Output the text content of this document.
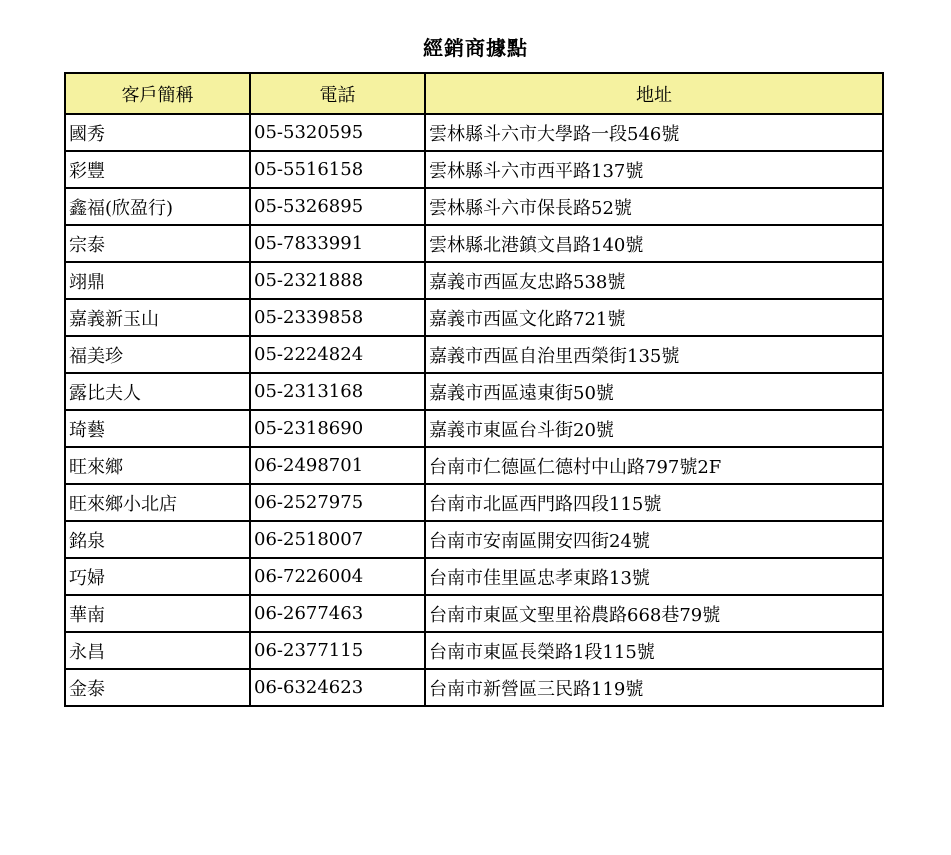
經銷商據點
客戶簡稱	電話	地址
國秀	05-5320595	雲林縣斗六市大學路一段546號
彩豐	05-5516158	雲林縣斗六市西平路137號
鑫福(欣盈行)	05-5326895	雲林縣斗六市保長路52號
宗泰	05-7833991	雲林縣北港鎮文昌路140號
翊鼎	05-2321888	嘉義市西區友忠路538號
嘉義新玉山	05-2339858	嘉義市西區文化路721號
福美珍	05-2224824	嘉義市西區自治里西榮街135號
露比夫人	05-2313168	嘉義市西區遠東街50號
琦藝	05-2318690	嘉義市東區台斗街20號
旺來鄉	06-2498701	台南市仁德區仁德村中山路797號2F
旺來鄉小北店	06-2527975	台南市北區西門路四段115號
銘泉	06-2518007	台南市安南區開安四街24號
巧婦	06-7226004	台南市佳里區忠孝東路13號
華南	06-2677463	台南市東區文聖里裕農路668巷79號
永昌	06-2377115	台南市東區長榮路1段115號
金泰	06-6324623	台南市新營區三民路119號
